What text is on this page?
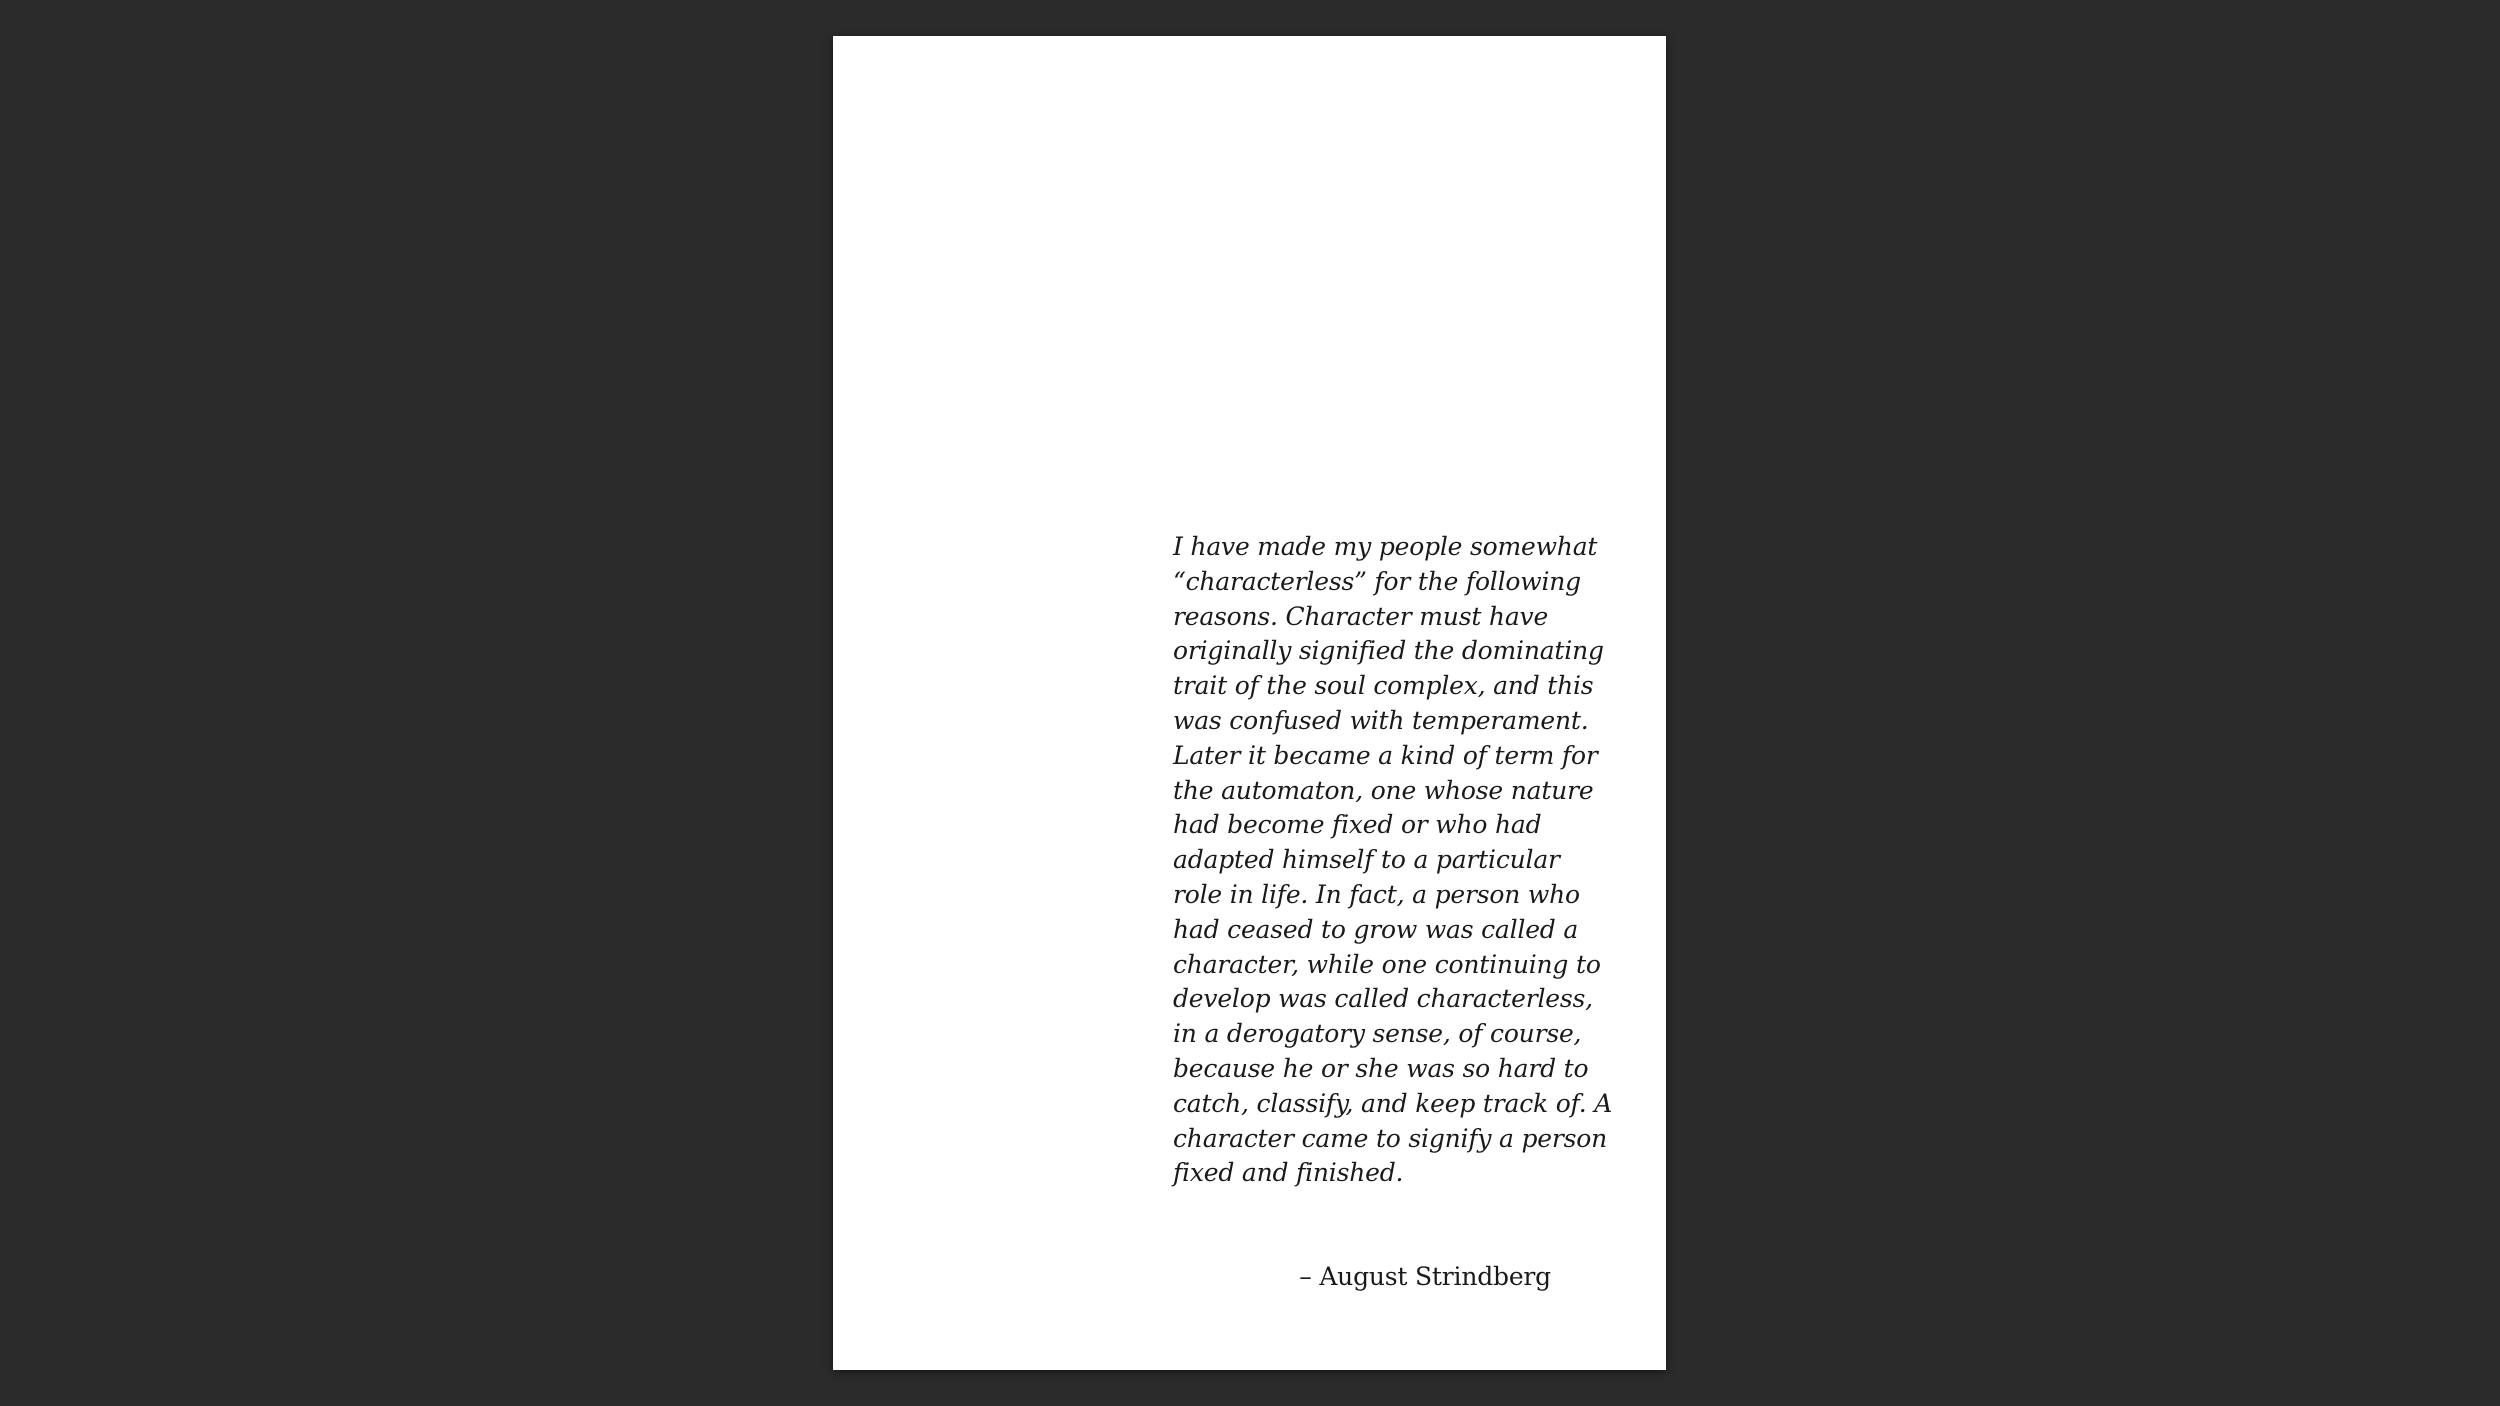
I have made my people somewhat
“characterless” for the following
reasons. Character must have
originally signified the dominating
trait of the soul complex, and this
was confused with temperament.
Later it became a kind of term for
the automaton, one whose nature
had become fixed or who had
adapted himself to a particular
role in life. In fact, a person who
had ceased to grow was called a
character, while one continuing to
develop was called characterless,
in a derogatory sense, of course,
because he or she was so hard to
catch, classify, and keep track of. A
character came to signify a person
fixed and finished.

– August Strindberg
